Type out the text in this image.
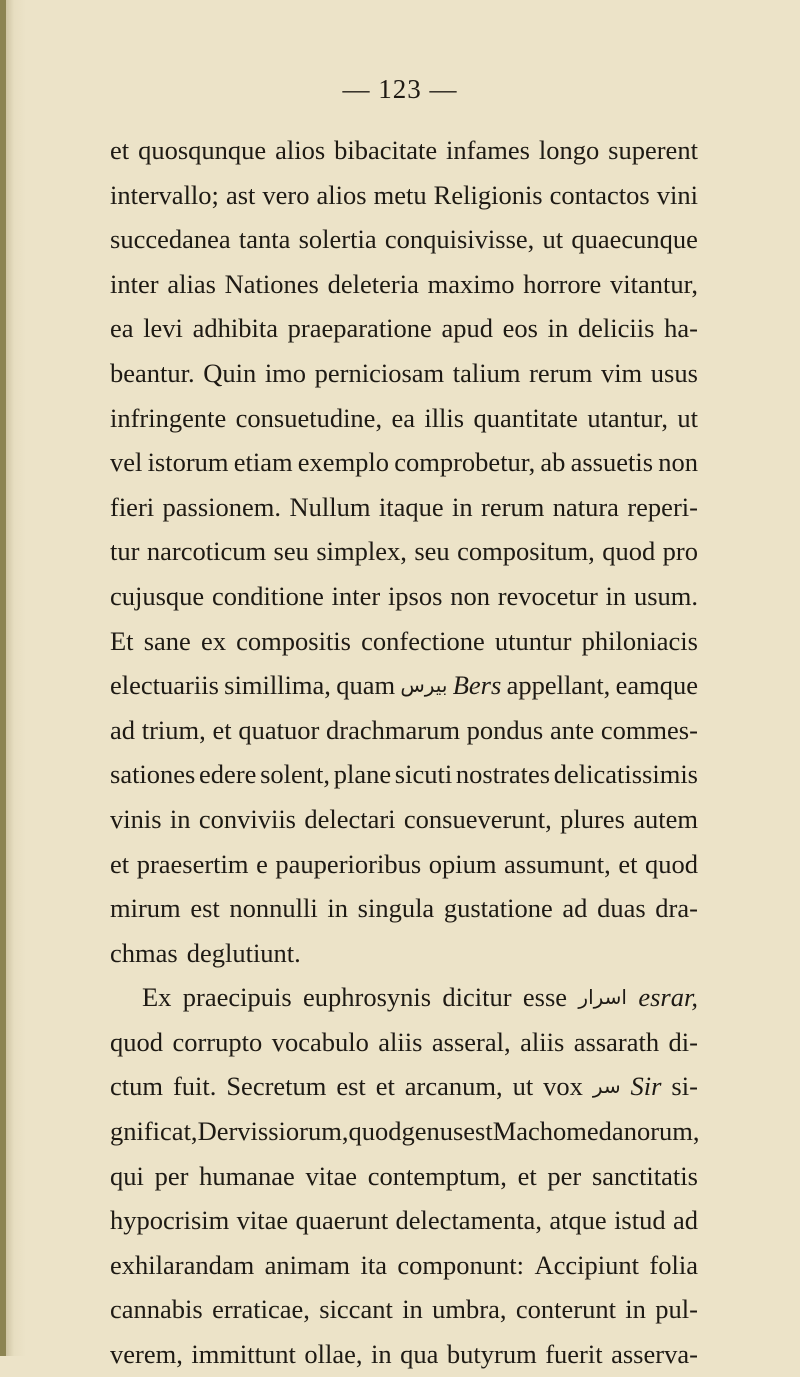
— 123 —
et quosqunque alios bibacitate infames longo superent
intervallo; ast vero alios metu Religionis contactos vini
succedanea tanta solertia conquisivisse, ut quaecunque
inter alias Nationes deleteria maximo horrore vitantur,
ea levi adhibita praeparatione apud eos in deliciis ha-
beantur. Quin imo perniciosam talium rerum vim usus
infringente consuetudine, ea illis quantitate utantur, ut
vel istorum etiam exemplo comprobetur, ab assuetis non
fieri passionem. Nullum itaque in rerum natura reperi-
tur narcoticum seu simplex, seu compositum, quod pro
cujusque conditione inter ipsos non revocetur in usum.
Et sane ex compositis confectione utuntur philoniacis
electuariis simillima, quam بيرس Bers appellant, eamque
ad trium, et quatuor drachmarum pondus ante commes-
sationes edere solent, plane sicuti nostrates delicatissimis
vinis in conviviis delectari consueverunt, plures autem
et praesertim e pauperioribus opium assumunt, et quod
mirum est nonnulli in singula gustatione ad duas dra-
chmas deglutiunt.
Ex praecipuis euphrosynis dicitur esse اسرار esrar,
quod corrupto vocabulo aliis asseral, aliis assarath di-
ctum fuit. Secretum est et arcanum, ut vox سر Sir si-
gnificat, Dervissiorum, quod genus est Machomedanorum,
qui per humanae vitae contemptum, et per sanctitatis
hypocrisim vitae quaerunt delectamenta, atque istud ad
exhilarandam animam ita componunt: Accipiunt folia
cannabis erraticae, siccant in umbra, conterunt in pul-
verem, immittunt ollae, in qua butyrum fuerit asserva-
